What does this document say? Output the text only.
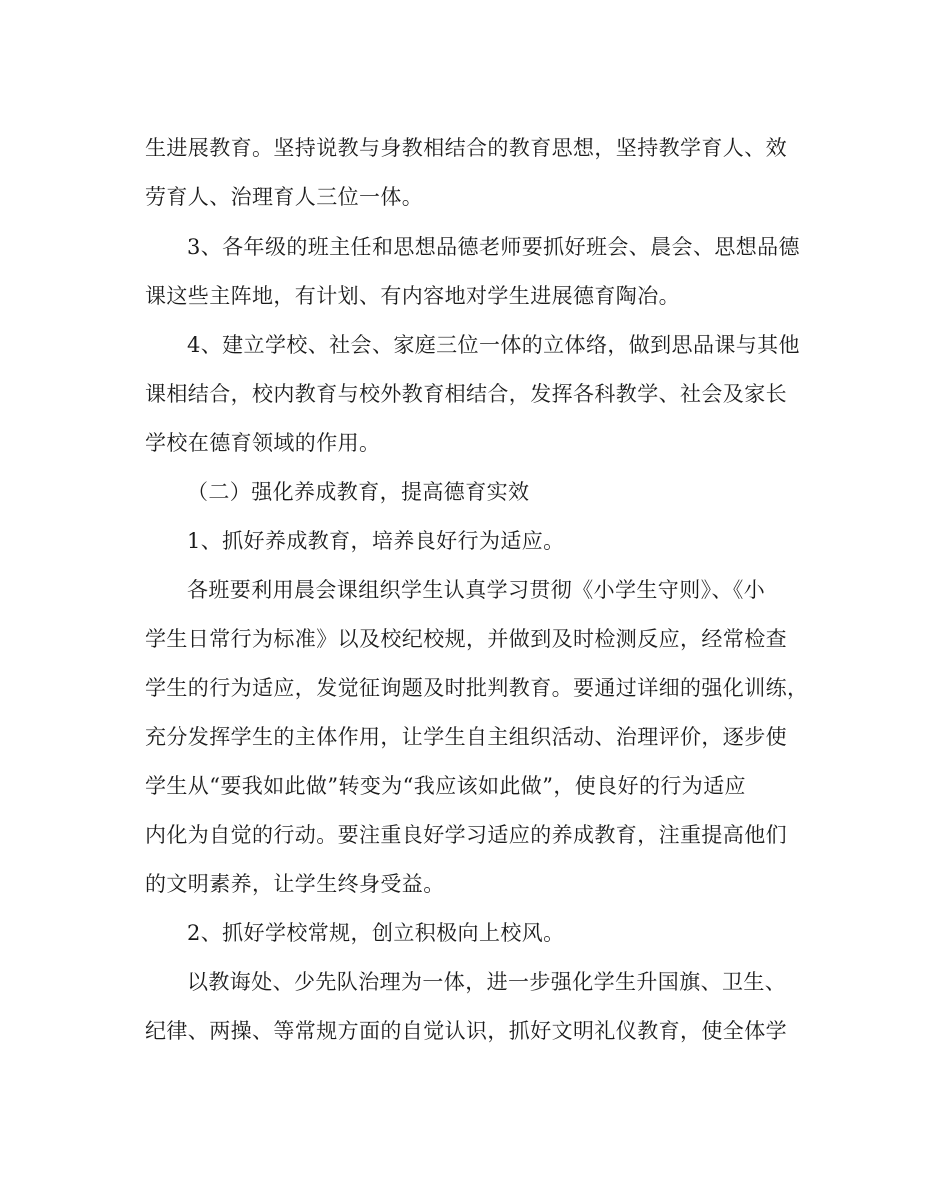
生进展教育。坚持说教与身教相结合的教育思想，坚持教学育人、效

劳育人、治理育人三位一体。

3、各年级的班主任和思想品德老师要抓好班会、晨会、思想品德

课这些主阵地，有计划、有内容地对学生进展德育陶冶。

4、建立学校、社会、家庭三位一体的立体络，做到思品课与其他

课相结合，校内教育与校外教育相结合，发挥各科教学、社会及家长

学校在德育领域的作用。

（二）强化养成教育，提高德育实效

1、抓好养成教育，培养良好行为适应。

各班要利用晨会课组织学生认真学习贯彻《小学生守则》、《小

学生日常行为标准》以及校纪校规，并做到及时检测反应，经常检查

学生的行为适应，发觉征询题及时批判教育。要通过详细的强化训练，

充分发挥学生的主体作用，让学生自主组织活动、治理评价，逐步使

学生从“要我如此做”转变为“我应该如此做”，使良好的行为适应

内化为自觉的行动。要注重良好学习适应的养成教育，注重提高他们

的文明素养，让学生终身受益。

2、抓好学校常规，创立积极向上校风。

以教诲处、少先队治理为一体，进一步强化学生升国旗、卫生、

纪律、两操、等常规方面的自觉认识，抓好文明礼仪教育，使全体学
